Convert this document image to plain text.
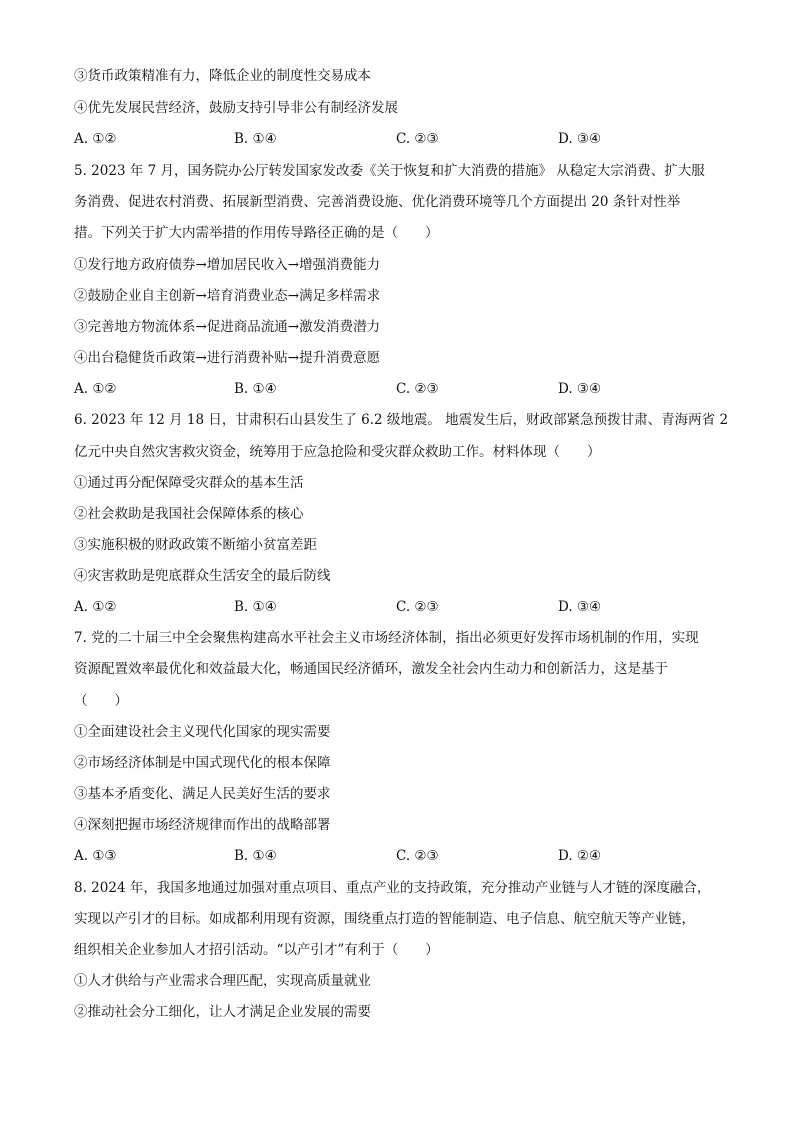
③货币政策精准有力，降低企业的制度性交易成本
④优先发展民营经济，鼓励支持引导非公有制经济发展
A. ①②	B. ①④	C. ②③	D. ③④
5. 2023 年 7 月，国务院办公厅转发国家发改委《关于恢复和扩大消费的措施》 从稳定大宗消费、扩大服
务消费、促进农村消费、拓展新型消费、完善消费设施、优化消费环境等几个方面提出 20 条针对性举
措。下列关于扩大内需举措的作用传导路径正确的是（　　）
①发行地方政府债券→增加居民收入→增强消费能力
②鼓励企业自主创新→培育消费业态→满足多样需求
③完善地方物流体系→促进商品流通→激发消费潜力
④出台稳健货币政策→进行消费补贴→提升消费意愿
A. ①②	B. ①④	C. ②③	D. ③④
6. 2023 年 12 月 18 日，甘肃积石山县发生了 6.2 级地震。 地震发生后，财政部紧急预拨甘肃、青海两省 2
亿元中央自然灾害救灾资金，统筹用于应急抢险和受灾群众救助工作。材料体现（　　）
①通过再分配保障受灾群众的基本生活
②社会救助是我国社会保障体系的核心
③实施积极的财政政策不断缩小贫富差距
④灾害救助是兜底群众生活安全的最后防线
A. ①②	B. ①④	C. ②③	D. ③④
7. 党的二十届三中全会聚焦构建高水平社会主义市场经济体制，指出必须更好发挥市场机制的作用，实现
资源配置效率最优化和效益最大化，畅通国民经济循环，激发全社会内生动力和创新活力，这是基于
（　　）
①全面建设社会主义现代化国家的现实需要
②市场经济体制是中国式现代化的根本保障
③基本矛盾变化、满足人民美好生活的要求
④深刻把握市场经济规律而作出的战略部署
A. ①③	B. ①④	C. ②③	D. ②④
8. 2024 年，我国多地通过加强对重点项目、重点产业的支持政策，充分推动产业链与人才链的深度融合，
实现以产引才的目标。如成都利用现有资源，围绕重点打造的智能制造、电子信息、航空航天等产业链，
组织相关企业参加人才招引活动。“以产引才”有利于（　　）
①人才供给与产业需求合理匹配，实现高质量就业
②推动社会分工细化，让人才满足企业发展的需要
